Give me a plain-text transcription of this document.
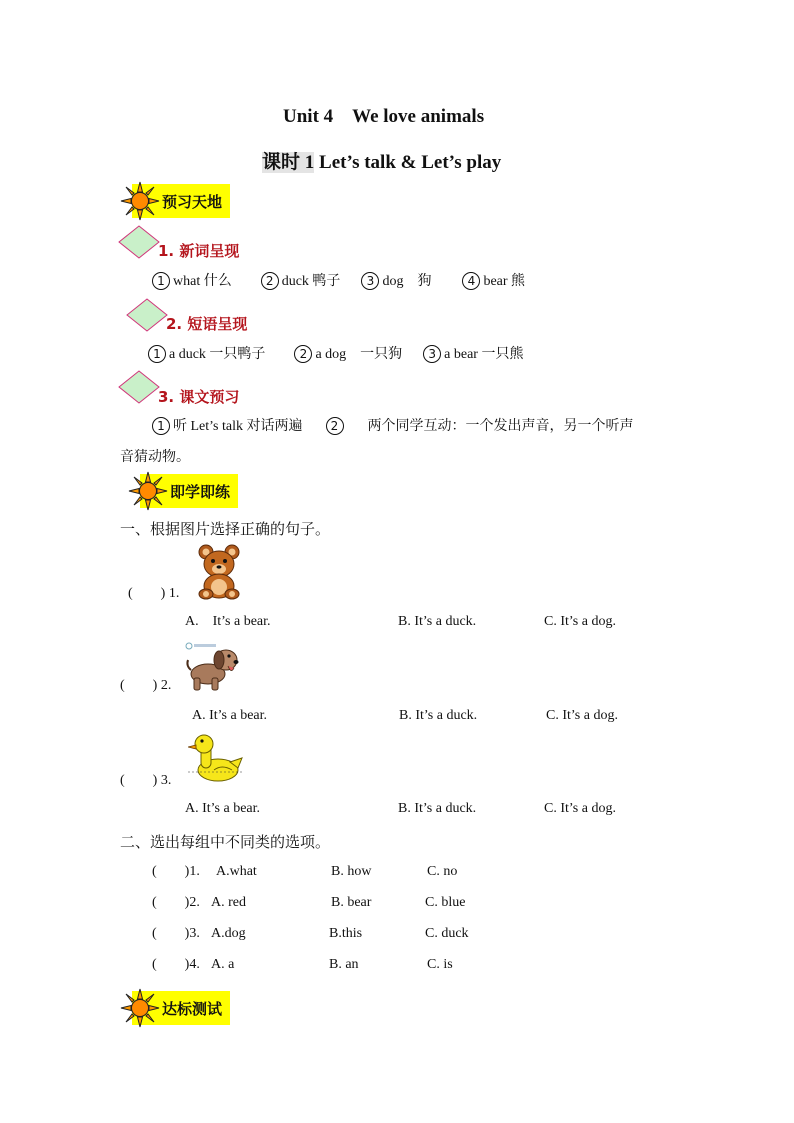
Unit 4 We love animals
课时 1 Let’s talk & Let’s play
预习天地
1. 新词呈现
1 what 什么	2 duck 鸭子 3 dog 狗	4 bear 熊
2. 短语呈现
1 a duck 一只鸭子	2 a dog 一只狗 3 a bear 一只熊
3. 课文预习
1 听 Let’s talk 对话两遍 2 两个同学互动：一个发出声音，另一个听声
音猜动物。
即学即练
一、根据图片选择正确的句子。
(  ) 1.
A. It’s a bear.	B. It’s a duck.	C. It’s a dog.
(  ) 2.
A. It’s a bear.	B. It’s a duck.	C. It’s a dog.
(  ) 3.
A. It’s a bear.	B. It’s a duck.	C. It’s a dog.
二、选出每组中不同类的选项。
(  )1. A.what	B. how	C. no
(  )2. A. red	B. bear	C. blue
(  )3. A.dog	B.this	C. duck
(  )4. A. a	B. an	C. is
达标测试
